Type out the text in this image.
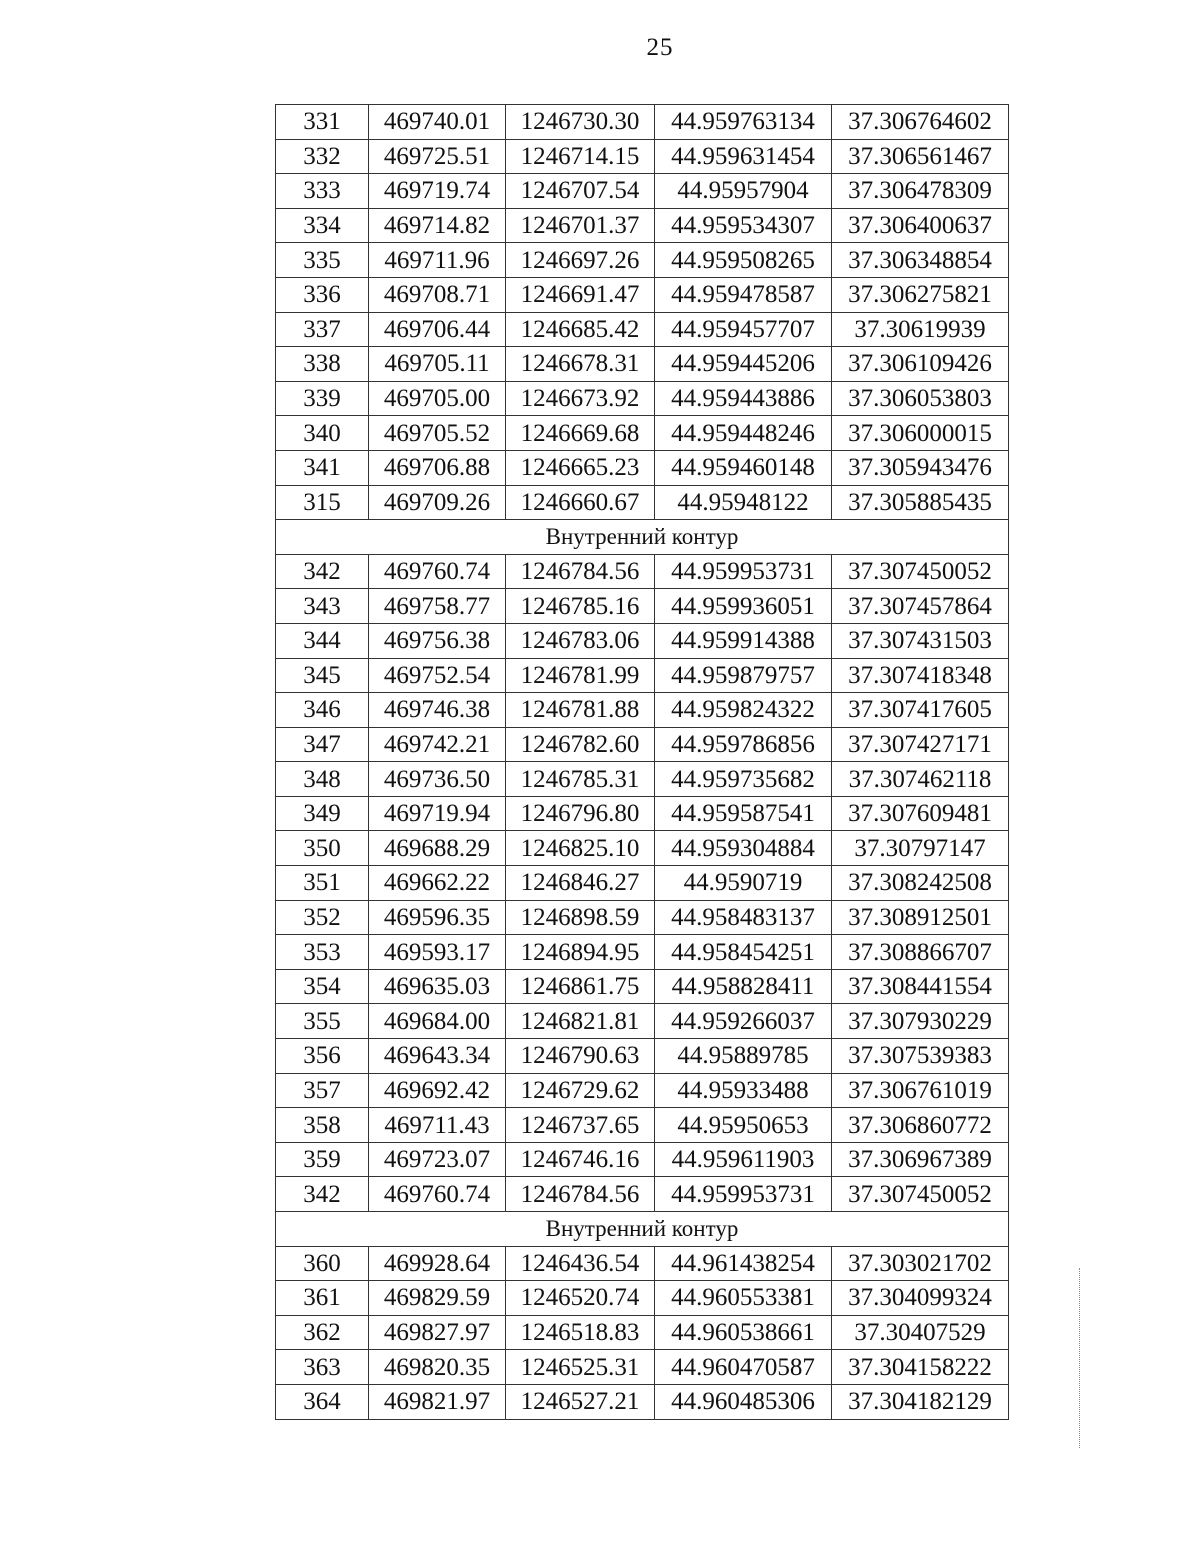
25
331	469740.01	1246730.30	44.959763134	37.306764602
332	469725.51	1246714.15	44.959631454	37.306561467
333	469719.74	1246707.54	44.95957904	37.306478309
334	469714.82	1246701.37	44.959534307	37.306400637
335	469711.96	1246697.26	44.959508265	37.306348854
336	469708.71	1246691.47	44.959478587	37.306275821
337	469706.44	1246685.42	44.959457707	37.30619939
338	469705.11	1246678.31	44.959445206	37.306109426
339	469705.00	1246673.92	44.959443886	37.306053803
340	469705.52	1246669.68	44.959448246	37.306000015
341	469706.88	1246665.23	44.959460148	37.305943476
315	469709.26	1246660.67	44.95948122	37.305885435
Внутренний контур				
342	469760.74	1246784.56	44.959953731	37.307450052
343	469758.77	1246785.16	44.959936051	37.307457864
344	469756.38	1246783.06	44.959914388	37.307431503
345	469752.54	1246781.99	44.959879757	37.307418348
346	469746.38	1246781.88	44.959824322	37.307417605
347	469742.21	1246782.60	44.959786856	37.307427171
348	469736.50	1246785.31	44.959735682	37.307462118
349	469719.94	1246796.80	44.959587541	37.307609481
350	469688.29	1246825.10	44.959304884	37.30797147
351	469662.22	1246846.27	44.9590719	37.308242508
352	469596.35	1246898.59	44.958483137	37.308912501
353	469593.17	1246894.95	44.958454251	37.308866707
354	469635.03	1246861.75	44.958828411	37.308441554
355	469684.00	1246821.81	44.959266037	37.307930229
356	469643.34	1246790.63	44.95889785	37.307539383
357	469692.42	1246729.62	44.95933488	37.306761019
358	469711.43	1246737.65	44.95950653	37.306860772
359	469723.07	1246746.16	44.959611903	37.306967389
342	469760.74	1246784.56	44.959953731	37.307450052
Внутренний контур				
360	469928.64	1246436.54	44.961438254	37.303021702
361	469829.59	1246520.74	44.960553381	37.304099324
362	469827.97	1246518.83	44.960538661	37.30407529
363	469820.35	1246525.31	44.960470587	37.304158222
364	469821.97	1246527.21	44.960485306	37.304182129
